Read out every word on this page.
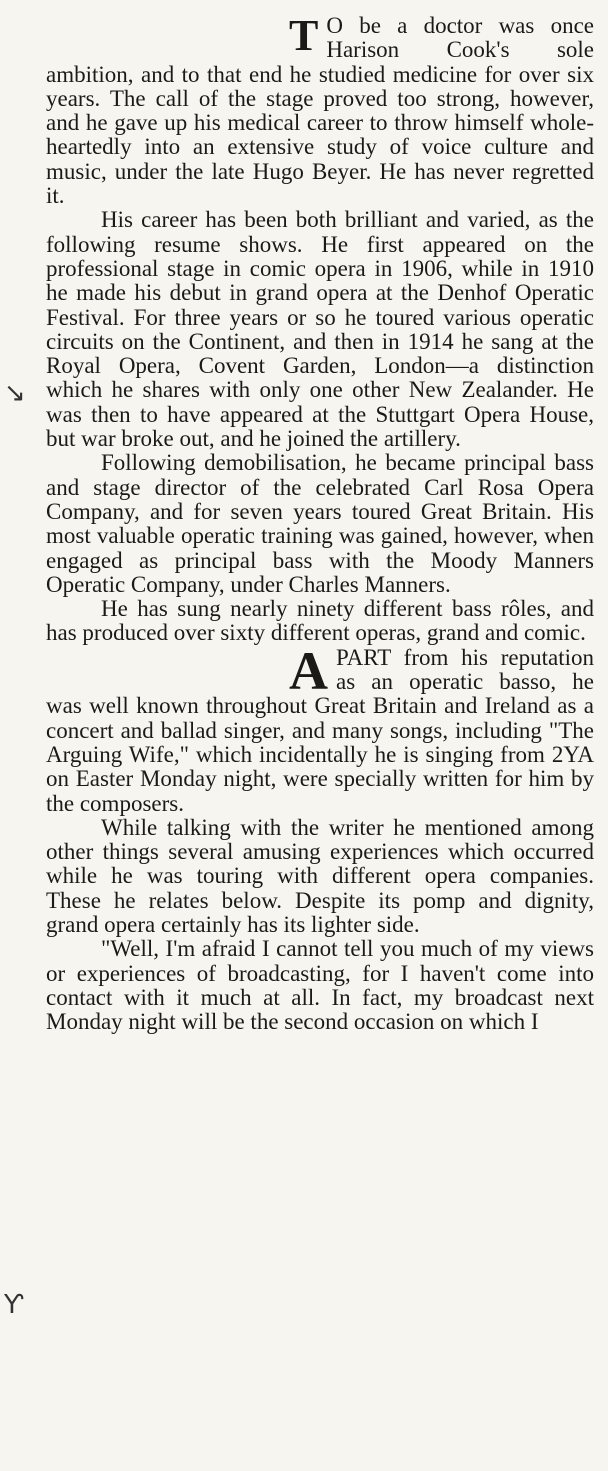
T O be a doctor was once Harison Cook's sole ambition, and to that end he studied medicine for over six years. The call of the stage proved too strong, however, and he gave up his medical career to throw himself whole-heartedly into an extensive study of voice culture and music, under the late Hugo Beyer. He has never regretted it.

His career has been both brilliant and varied, as the following resume shows. He first appeared on the professional stage in comic opera in 1906, while in 1910 he made his debut in grand opera at the Denhof Operatic Festival. For three years or so he toured various operatic circuits on the Continent, and then in 1914 he sang at the Royal Opera, Covent Garden, London—a distinction which he shares with only one other New Zealander. He was then to have appeared at the Stuttgart Opera House, but war broke out, and he joined the artillery.

Following demobilisation, he became principal bass and stage director of the celebrated Carl Rosa Opera Company, and for seven years toured Great Britain. His most valuable operatic training was gained, however, when engaged as principal bass with the Moody Manners Operatic Company, under Charles Manners.

He has sung nearly ninety different bass rôles, and has produced over sixty different operas, grand and comic.

APART from his reputation as an operatic basso, he was well known throughout Great Britain and Ireland as a concert and ballad singer, and many songs, including "The Arguing Wife," which incidentally he is singing from 2YA on Easter Monday night, were specially written for him by the composers.

While talking with the writer he mentioned among other things several amusing experiences which occurred while he was touring with different opera companies. These he relates below. Despite its pomp and dignity, grand opera certainly has its lighter side.

"Well, I'm afraid I cannot tell you much of my views or experiences of broadcasting, for I haven't come into contact with it much at all. In fact, my broadcast next Monday night will be the second occasion on which I

↘
Ƴ
